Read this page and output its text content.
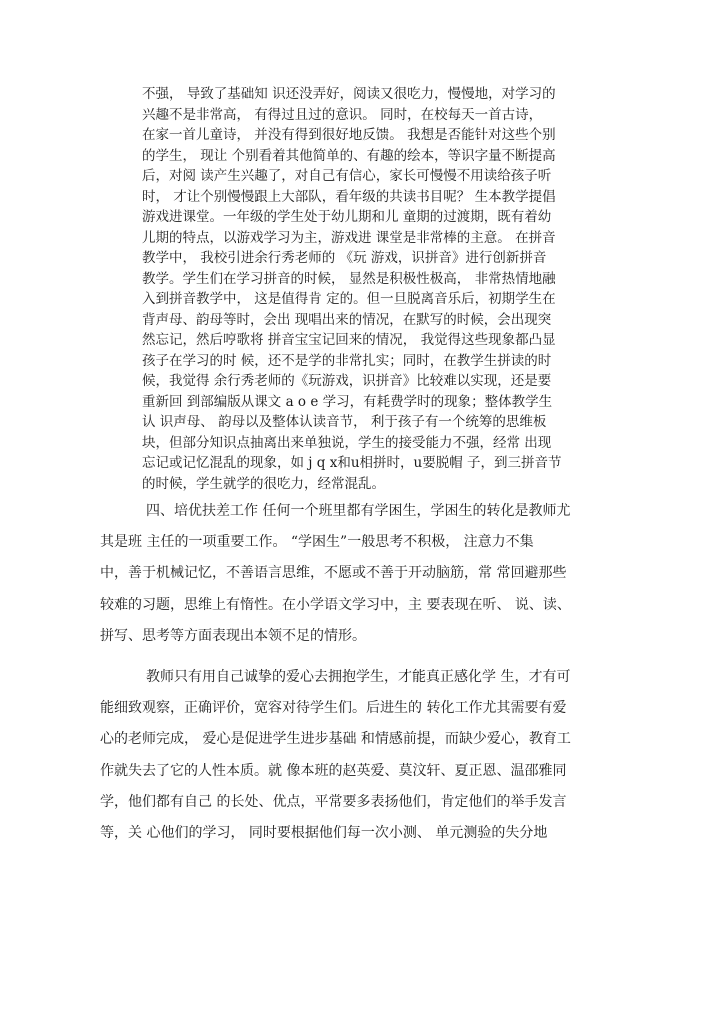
不强， 导致了基础知 识还没弄好，阅读又很吃力，慢慢地，对学习的
兴趣不是非常高， 有得过且过的意识。 同时，在校每天一首古诗，
在家一首儿童诗， 并没有得到很好地反馈。 我想是否能针对这些个别
的学生， 现让 个别看着其他简单的、有趣的绘本，等识字量不断提高
后，对阅 读产生兴趣了，对自己有信心，家长可慢慢不用读给孩子听
时， 才让个别慢慢跟上大部队，看年级的共读书目呢？ 生本教学提倡
游戏进课堂。一年级的学生处于幼儿期和儿 童期的过渡期，既有着幼
儿期的特点，以游戏学习为主，游戏进 课堂是非常棒的主意。 在拼音
教学中， 我校引进余行秀老师的 《玩 游戏，识拼音》进行创新拼音
教学。学生们在学习拼音的时候， 显然是积极性极高， 非常热情地融
入到拼音教学中， 这是值得肯 定的。但一旦脱离音乐后，初期学生在
背声母、韵母等时，会出 现唱出来的情况，在默写的时候，会出现突
然忘记，然后哼歌将 拼音宝宝记回来的情况， 我觉得这些现象都凸显
孩子在学习的时 候，还不是学的非常扎实；同时，在教学生拼读的时
候，我觉得 余行秀老师的《玩游戏，识拼音》比较难以实现，还是要
重新回 到部编版从课文 a o e 学习，有耗费学时的现象；整体教学生
认 识声母、 韵母以及整体认读音节， 利于孩子有一个统筹的思维板
块，但部分知识点抽离出来单独说，学生的接受能力不强，经常 出现
忘记或记忆混乱的现象，如 j q x和u相拼时，u要脱帽 子，到三拼音节
的时候，学生就学的很吃力，经常混乱。
四、培优扶差工作 任何一个班里都有学困生，学困生的转化是教师尤
其是班 主任的一项重要工作。 “学困生”一般思考不积极， 注意力不集
中，善于机械记忆，不善语言思维，不愿或不善于开动脑筋，常 常回避那些
较难的习题，思维上有惰性。在小学语文学习中，主 要表现在听、 说、读、
拼写、思考等方面表现出本领不足的情形。
教师只有用自己诚挚的爱心去拥抱学生，才能真正感化学 生，才有可
能细致观察，正确评价，宽容对待学生们。后进生的 转化工作尤其需要有爱
心的老师完成， 爱心是促进学生进步基础 和情感前提，而缺少爱心，教育工
作就失去了它的人性本质。就 像本班的赵英爱、莫汶轩、夏正恩、温邵雅同
学，他们都有自己 的长处、优点，平常要多表扬他们，肯定他们的举手发言
等，关 心他们的学习， 同时要根据他们每一次小测、 单元测验的失分地
